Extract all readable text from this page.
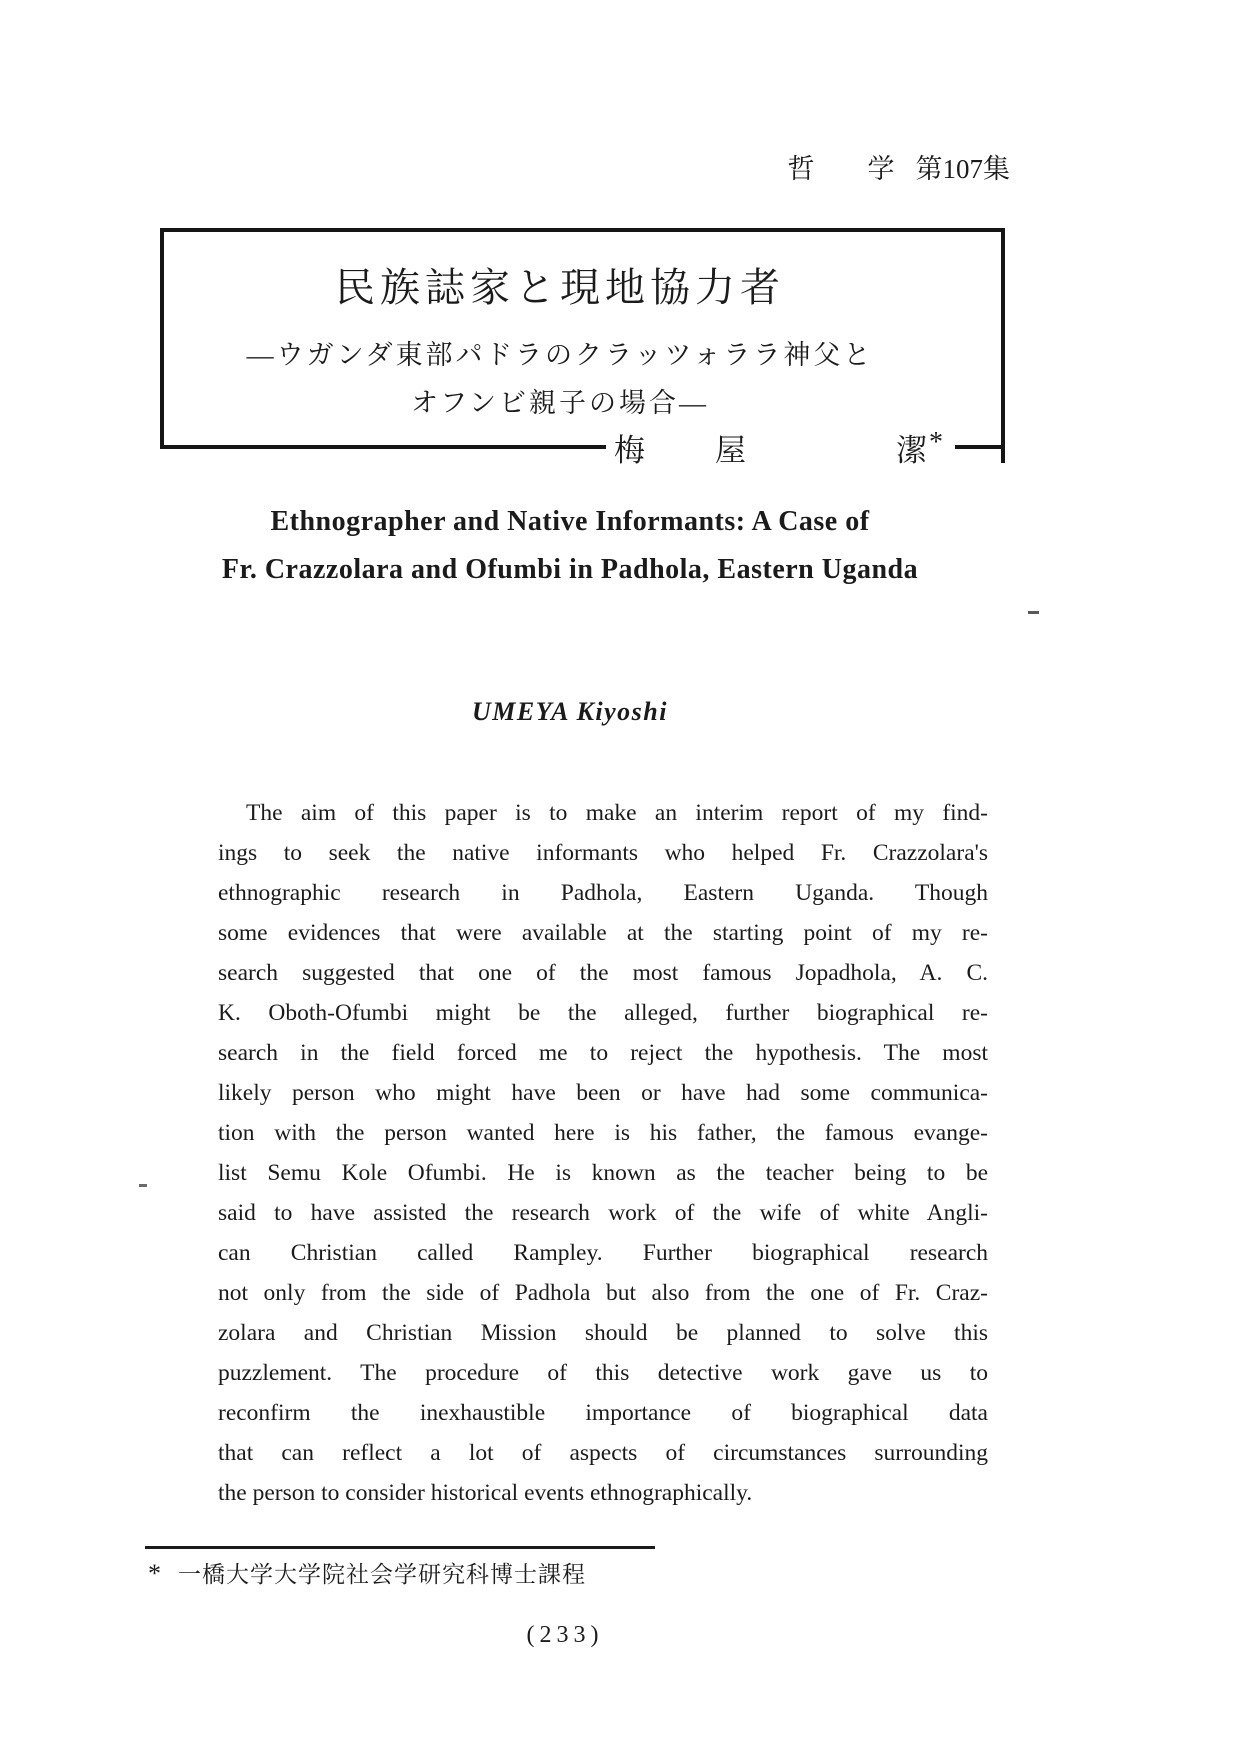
哲 学 第107集
民族誌家と現地協力者
—ウガンダ東部パドラのクラッツォララ神父と
オフンビ親子の場合—
梅 屋	潔 *
Ethnographer and Native Informants: A Case of
Fr. Crazzolara and Ofumbi in Padhola, Eastern Uganda
UMEYA Kiyoshi
The aim of this paper is to make an interim report of my find-
ings to seek the native informants who helped Fr. Crazzolara's
ethnographic research in Padhola, Eastern Uganda. Though
some evidences that were available at the starting point of my re-
search suggested that one of the most famous Jopadhola, A. C.
K. Oboth-Ofumbi might be the alleged, further biographical re-
search in the field forced me to reject the hypothesis. The most
likely person who might have been or have had some communica-
tion with the person wanted here is his father, the famous evange-
list Semu Kole Ofumbi. He is known as the teacher being to be
said to have assisted the research work of the wife of white Angli-
can Christian called Rampley. Further biographical research
not only from the side of Padhola but also from the one of Fr. Craz-
zolara and Christian Mission should be planned to solve this
puzzlement. The procedure of this detective work gave us to
reconfirm the inexhaustible importance of biographical data
that can reflect a lot of aspects of circumstances surrounding
the person to consider historical events ethnographically.
* 一橋大学大学院社会学研究科博士課程
(233)
